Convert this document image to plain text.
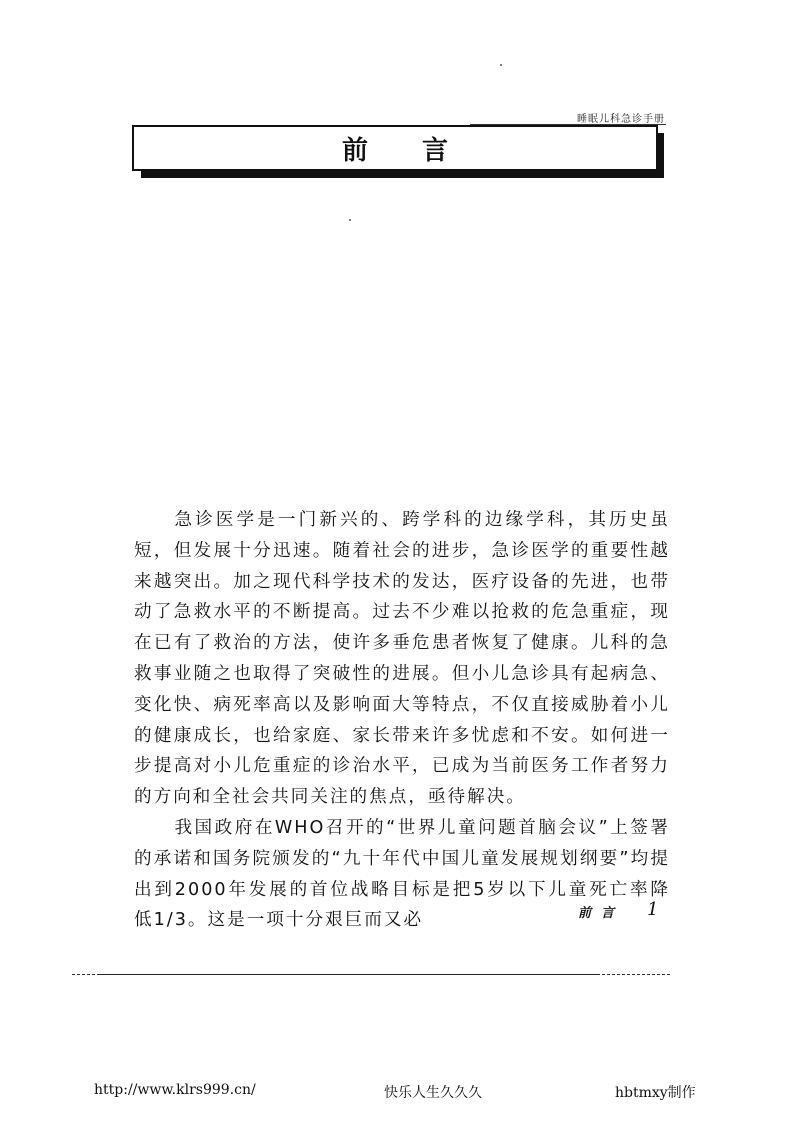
睡眠儿科急诊手册
前言

急诊医学是一门新兴的、跨学科的边缘学科，其历史虽短，但发展十分迅速。随着社会的进步，急诊医学的重要性越来越突出。加之现代科学技术的发达，医疗设备的先进，也带动了急救水平的不断提高。过去不少难以抢救的危急重症，现在已有了救治的方法，使许多垂危患者恢复了健康。儿科的急救事业随之也取得了突破性的进展。但小儿急诊具有起病急、变化快、病死率高以及影响面大等特点，不仅直接威胁着小儿的健康成长，也给家庭、家长带来许多忧虑和不安。如何进一步提高对小儿危重症的诊治水平，已成为当前医务工作者努力的方向和全社会共同关注的焦点，亟待解决。

我国政府在WHO召开的“世界儿童问题首脑会议”上签署的承诺和国务院颁发的“九十年代中国儿童发展规划纲要”均提出到2000年发展的首位战略目标是把5岁以下儿童死亡率降低1/3。这是一项十分艰巨而又必	前言 1
http://www.klrs999.cn/	快乐人生久久久	hbtmxy制作
